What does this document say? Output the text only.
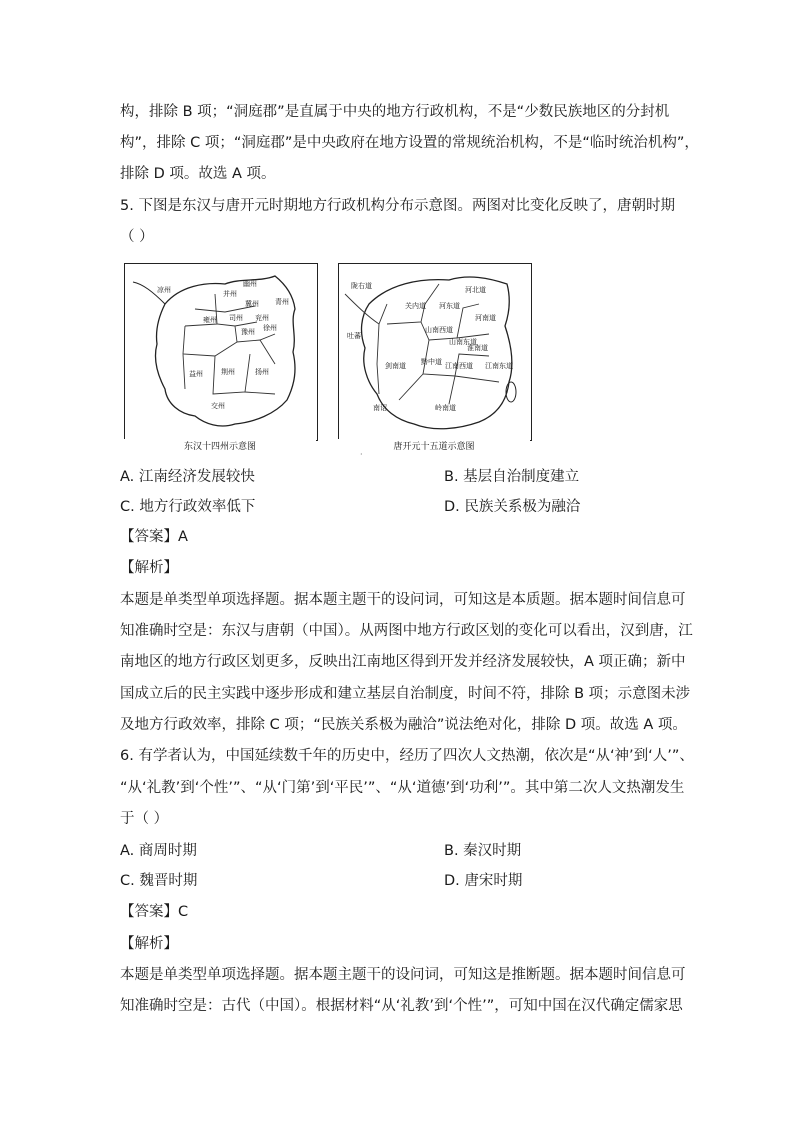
构，排除 B 项；“洞庭郡”是直属于中央的地方行政机构，不是“少数民族地区的分封机
构”，排除 C 项；“洞庭郡”是中央政府在地方设置的常规统治机构，不是“临时统治机构”，
排除 D 项。故选 A 项。
5. 下图是东汉与唐开元时期地方行政机构分布示意图。两图对比变化反映了，唐朝时期
（ ）
凉州	并州
幽州
冀州 青州
雍州 司州 兖州
豫州 徐州
益州	荆州	扬州
交州
东汉十四州示意图
陇右道	河北道
关内道 河东道
河南道
吐蕃
山南西道
山南东道
淮南道
剑南道 黔中道 江南西道 江南东道
岭南道
南诏
唐开元十五道示意图
·
A. 江南经济发展较快	B. 基层自治制度建立
C. 地方行政效率低下	D. 民族关系极为融洽
【答案】A
【解析】
本题是单类型单项选择题。据本题主题干的设问词，可知这是本质题。据本题时间信息可
知准确时空是：东汉与唐朝（中国）。从两图中地方行政区划的变化可以看出，汉到唐，江
南地区的地方行政区划更多，反映出江南地区得到开发并经济发展较快，A 项正确；新中
国成立后的民主实践中逐步形成和建立基层自治制度，时间不符，排除 B 项；示意图未涉
及地方行政效率，排除 C 项；“民族关系极为融洽”说法绝对化，排除 D 项。故选 A 项。
6. 有学者认为，中国延续数千年的历史中，经历了四次人文热潮，依次是“从‘神’到‘人’”、
“从‘礼教’到‘个性’”、“从‘门第’到‘平民’”、“从‘道德’到‘功利’”。其中第二次人文热潮发生
于（ ）
A. 商周时期	B. 秦汉时期
C. 魏晋时期	D. 唐宋时期
【答案】C
【解析】
本题是单类型单项选择题。据本题主题干的设问词，可知这是推断题。据本题时间信息可
知准确时空是：古代（中国）。根据材料“从‘礼教’到‘个性’”，可知中国在汉代确定儒家思
